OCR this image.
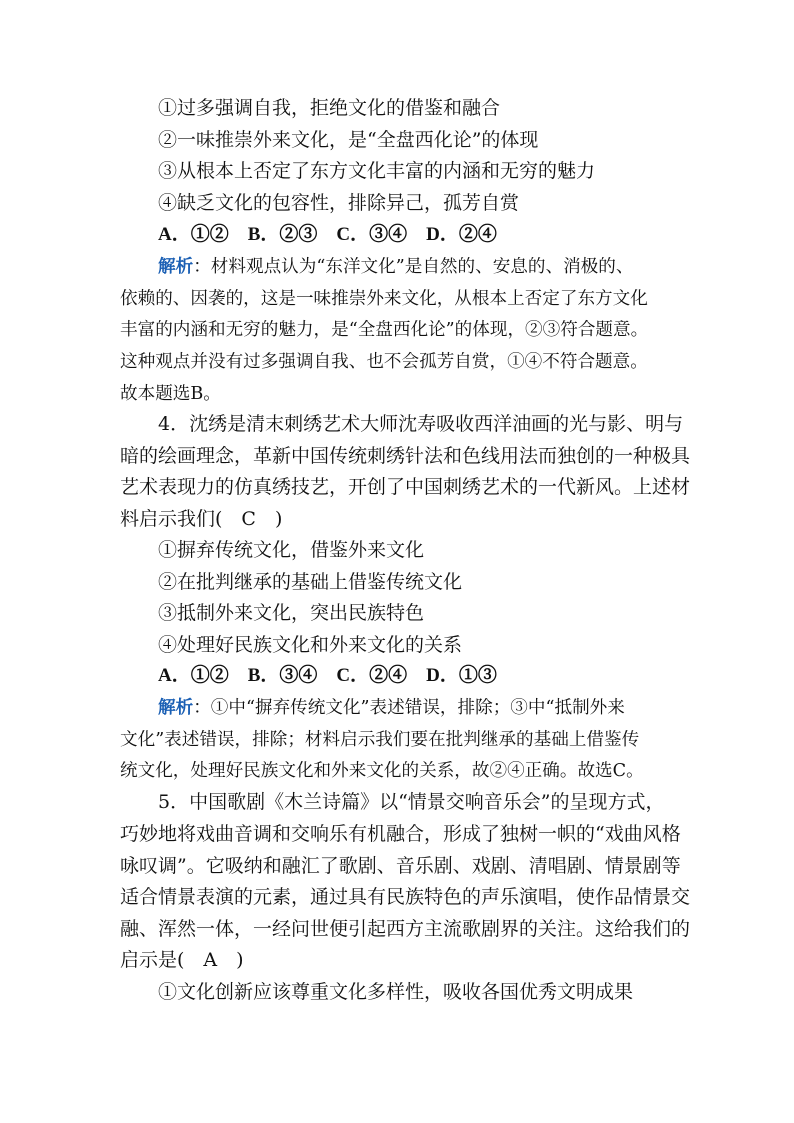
①过多强调自我，拒绝文化的借鉴和融合
②一味推崇外来文化，是“全盘西化论”的体现
③从根本上否定了东方文化丰富的内涵和无穷的魅力
④缺乏文化的包容性，排除异己，孤芳自赏
A．①②　B．②③　C．③④　D．②④
解析：材料观点认为“东洋文化”是自然的、安息的、消极的、
依赖的、因袭的，这是一味推崇外来文化，从根本上否定了东方文化
丰富的内涵和无穷的魅力，是“全盘西化论”的体现，②③符合题意。
这种观点并没有过多强调自我、也不会孤芳自赏，①④不符合题意。
故本题选B。
4．沈绣是清末刺绣艺术大师沈寿吸收西洋油画的光与影、明与
暗的绘画理念，革新中国传统刺绣针法和色线用法而独创的一种极具
艺术表现力的仿真绣技艺，开创了中国刺绣艺术的一代新风。上述材
料启示我们(　C　)
①摒弃传统文化，借鉴外来文化
②在批判继承的基础上借鉴传统文化
③抵制外来文化，突出民族特色
④处理好民族文化和外来文化的关系
A．①②　B．③④　C．②④　D．①③
解析：①中“摒弃传统文化”表述错误，排除；③中“抵制外来
文化”表述错误，排除；材料启示我们要在批判继承的基础上借鉴传
统文化，处理好民族文化和外来文化的关系，故②④正确。故选C。
5．中国歌剧《木兰诗篇》以“情景交响音乐会”的呈现方式，
巧妙地将戏曲音调和交响乐有机融合，形成了独树一帜的“戏曲风格
咏叹调”。它吸纳和融汇了歌剧、音乐剧、戏剧、清唱剧、情景剧等
适合情景表演的元素，通过具有民族特色的声乐演唱，使作品情景交
融、浑然一体，一经问世便引起西方主流歌剧界的关注。这给我们的
启示是(　A　)
①文化创新应该尊重文化多样性，吸收各国优秀文明成果
